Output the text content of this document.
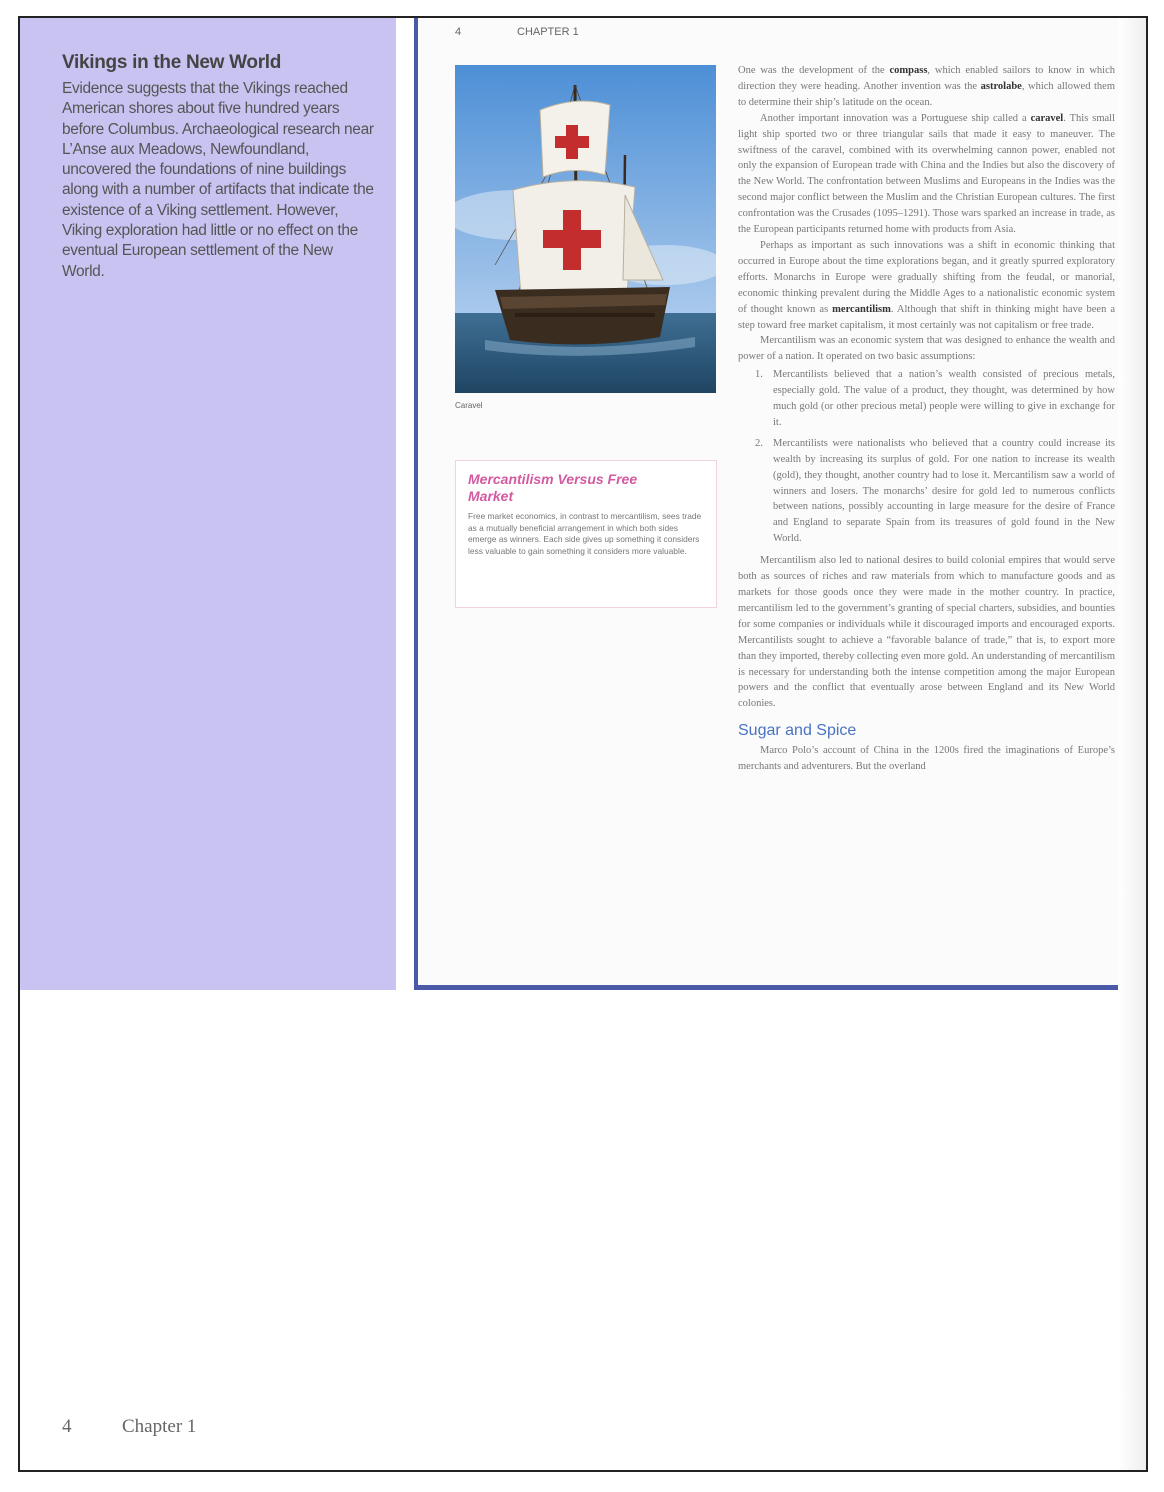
Vikings in the New World
Evidence suggests that the Vikings reached American shores about five hundred years before Columbus. Archaeological research near L’Anse aux Meadows, Newfoundland, uncovered the foundations of nine buildings along with a number of artifacts that indicate the existence of a Viking settlement. However, Viking exploration had little or no effect on the eventual European settlement of the New World.
4	CHAPTER 1
Caravel
Mercantilism Versus Free Market
Free market economics, in contrast to mercantilism, sees trade as a mutually beneficial arrangement in which both sides emerge as winners. Each side gives up something it considers less valuable to gain something it considers more valuable.

One was the development of the compass, which enabled sailors to know in which direction they were heading. Another invention was the astrolabe, which allowed them to determine their ship’s latitude on the ocean.

Another important innovation was a Portuguese ship called a caravel. This small light ship sported two or three triangular sails that made it easy to maneuver. The swiftness of the caravel, combined with its overwhelming cannon power, enabled not only the expansion of European trade with China and the Indies but also the discovery of the New World. The confrontation between Muslims and Europeans in the Indies was the second major conflict between the Muslim and the Christian European cultures. The first confrontation was the Crusades (1095–1291). Those wars sparked an increase in trade, as the European participants returned home with products from Asia.

Perhaps as important as such innovations was a shift in economic thinking that occurred in Europe about the time explorations began, and it greatly spurred exploratory efforts. Monarchs in Europe were gradually shifting from the feudal, or manorial, economic thinking prevalent during the Middle Ages to a nationalistic economic system of thought known as mercantilism. Although that shift in thinking might have been a step toward free market capitalism, it most certainly was not capitalism or free trade.

Mercantilism was an economic system that was designed to enhance the wealth and power of a nation. It operated on two basic assumptions:

1. Mercantilists believed that a nation’s wealth consisted of precious metals, especially gold. The value of a product, they thought, was determined by how much gold (or other precious metal) people were willing to give in exchange for it.
2. Mercantilists were nationalists who believed that a country could increase its wealth by increasing its surplus of gold. For one nation to increase its wealth (gold), they thought, another country had to lose it. Mercantilism saw a world of winners and losers. The monarchs’ desire for gold led to numerous conflicts between nations, possibly accounting in large measure for the desire of France and England to separate Spain from its treasures of gold found in the New World.

Mercantilism also led to national desires to build colonial empires that would serve both as sources of riches and raw materials from which to manufacture goods and as markets for those goods once they were made in the mother country. In practice, mercantilism led to the government’s granting of special charters, subsidies, and bounties for some companies or individuals while it discouraged imports and encouraged exports. Mercantilists sought to achieve a “favorable balance of trade,” that is, to export more than they imported, thereby collecting even more gold. An understanding of mercantilism is necessary for understanding both the intense competition among the major European powers and the conflict that eventually arose between England and its New World colonies.

Sugar and Spice

Marco Polo’s account of China in the 1200s fired the imaginations of Europe’s merchants and adventurers. But the overland

4	Chapter 1
